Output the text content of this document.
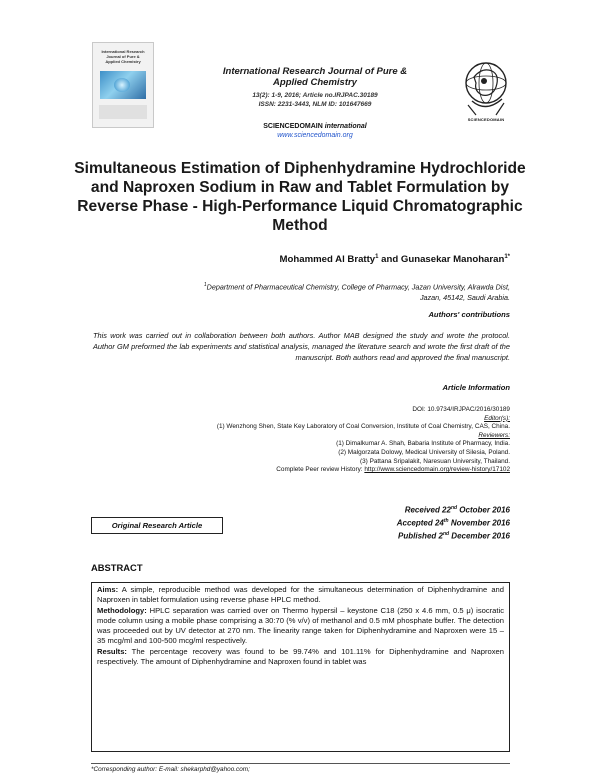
International Research Journal of Pure & Applied Chemistry
International Research Journal of Pure &
Applied Chemistry
13(2): 1-9, 2016; Article no.IRJPAC.30189
ISSN: 2231-3443, NLM ID: 101647669
SCIENCEDOMAIN international
www.sciencedomain.org
SCIENCEDOMAIN
Simultaneous Estimation of Diphenhydramine Hydrochloride and Naproxen Sodium in Raw and Tablet Formulation by Reverse Phase - High-Performance Liquid Chromatographic Method
Mohammed Al Bratty$^1$ and Gunasekar Manoharan$^{1*}$
$^1$Department of Pharmaceutical Chemistry, College of Pharmacy, Jazan University, Alrawda Dist,
Jazan, 45142, Saudi Arabia.
Authors' contributions
This work was carried out in collaboration between both authors. Author MAB designed the study and wrote the protocol. Author GM preformed the lab experiments and statistical analysis, managed the literature search and wrote the first draft of the manuscript. Both authors read and approved the final manuscript.
Article Information
DOI: 10.9734/IRJPAC/2016/30189
Editor(s):
(1) Wenzhong Shen, State Key Laboratory of Coal Conversion, Institute of Coal Chemistry, CAS, China.
Reviewers:
(1) Dimalkumar A. Shah, Babaria Institute of Pharmacy, India.
(2) Malgorzata Dolowy, Medical University of Silesia, Poland.
(3) Pattana Sripalakit, Naresuan University, Thailand.
Complete Peer review History: http://www.sciencedomain.org/review-history/17102
Received 22nd October 2016
Accepted 24th November 2016
Published 2nd December 2016
Original Research Article
ABSTRACT

Aims: A simple, reproducible method was developed for the simultaneous determination of Diphenhydramine and Naproxen in tablet formulation using reverse phase HPLC method.

Methodology: HPLC separation was carried over on Thermo hypersil – keystone C18 (250 x 4.6 mm, 0.5 μ) isocratic mode column using a mobile phase comprising a 30:70 (% v/v) of methanol and 0.5 mM phosphate buffer. The detection was proceeded out by UV detector at 270 nm. The linearity range taken for Diphenhydramine and Naproxen were 15 – 35 mcg/ml and 100-500 mcg/ml respectively.

Results: The percentage recovery was found to be 99.74% and 101.11% for Diphenhydramine and Naproxen respectively. The amount of Diphenhydramine and Naproxen found in tablet was

*Corresponding author: E-mail: shekarphd@yahoo.com;
